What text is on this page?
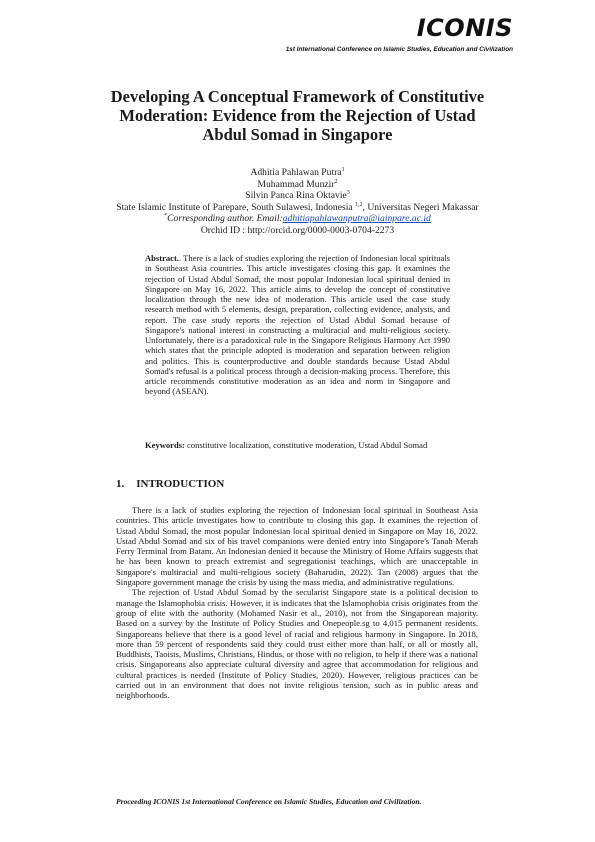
ICONIS
1st International Conference on Islamic Studies, Education and Civilization
Developing A Conceptual Framework of Constitutive
Moderation: Evidence from the Rejection of Ustad
Abdul Somad in Singapore
Adhitia Pahlawan Putra$^1$
Muhammad Munzir$^2$
Silvin Panca Rina Oktavie$^3$
State Islamic Institute of Parepare, South Sulawesi, Indonesia $^{1,2}$, Universitas Negeri Makassar
*Corresponding author. Email:adhitiapahlawanputra@iainpare.ac.id
Orchid ID : http://orcid.org/0000-0003-0704-2273
Abstract.. There is a lack of studies exploring the rejection of Indonesian local spirituals in Southeast Asia countries. This article investigates closing this gap. It examines the rejection of Ustad Abdul Somad, the most popular Indonesian local spiritual denied in Singapore on May 16, 2022. This article aims to develop the concept of constitutive localization through the new idea of moderation. This article used the case study research method with 5 elements, design, preparation, collecting evidence, analysis, and report. The case study reports the rejection of Ustad Abdul Somad because of Singapore's national interest in constructing a multiracial and multi-religious society. Unfortunately, there is a paradoxical rule in the Singapore Religious Harmony Act 1990 which states that the principle adopted is moderation and separation between religion and politics. This is counterproductive and double standards because Ustad Abdul Somad's refusal is a political process through a decision-making process. Therefore, this article recommends constitutive moderation as an idea and norm in Singapore and beyond (ASEAN).
Keywords: constitutive localization, constitutive moderation, Ustad Abdul Somad
1. INTRODUCTION

There is a lack of studies exploring the rejection of Indonesian local spiritual in Southeast Asia countries. This article investigates how to contribute to closing this gap. It examines the rejection of Ustad Abdul Somad, the most popular Indonesian local spiritual denied in Singapore on May 16, 2022. Ustad Abdul Somad and six of his travel companions were denied entry into Singapore's Tanah Merah Ferry Terminal from Batam. An Indonesian denied it because the Ministry of Home Affairs suggests that he has been known to preach extremist and segregationist teachings, which are unacceptable in Singapore's multiracial and multi-religious society (Baharudin, 2022). Tan (2008) argues that the Singapore government manage the crisis by using the mass media, and administrative regulations.

The rejection of Ustad Abdul Somad by the secularist Singapore state is a political decision to manage the Islamophobia crisis. However, it is indicates that the Islamophobia crisis originates from the group of elite with the authority (Mohamed Nasir et al., 2010), not from the Singaporean majority. Based on a survey by the Institute of Policy Studies and Onepeople.sg to 4,015 permanent residents. Singaporeans believe that there is a good level of racial and religious harmony in Singapore. In 2018, more than 59 percent of respondents said they could trust either more than half, or all or mostly all, Buddhists, Taoists, Muslims, Christians, Hindus, or those with no religion, to help if there was a national crisis. Singaporeans also appreciate cultural diversity and agree that accommodation for religious and cultural practices is needed (Institute of Policy Studies, 2020). However, religious practices can be carried out in an environment that does not invite religious tension, such as in public areas and neighborhoods.

Proceeding ICONIS 1st International Conference on Islamic Studies, Education and Civilization.
